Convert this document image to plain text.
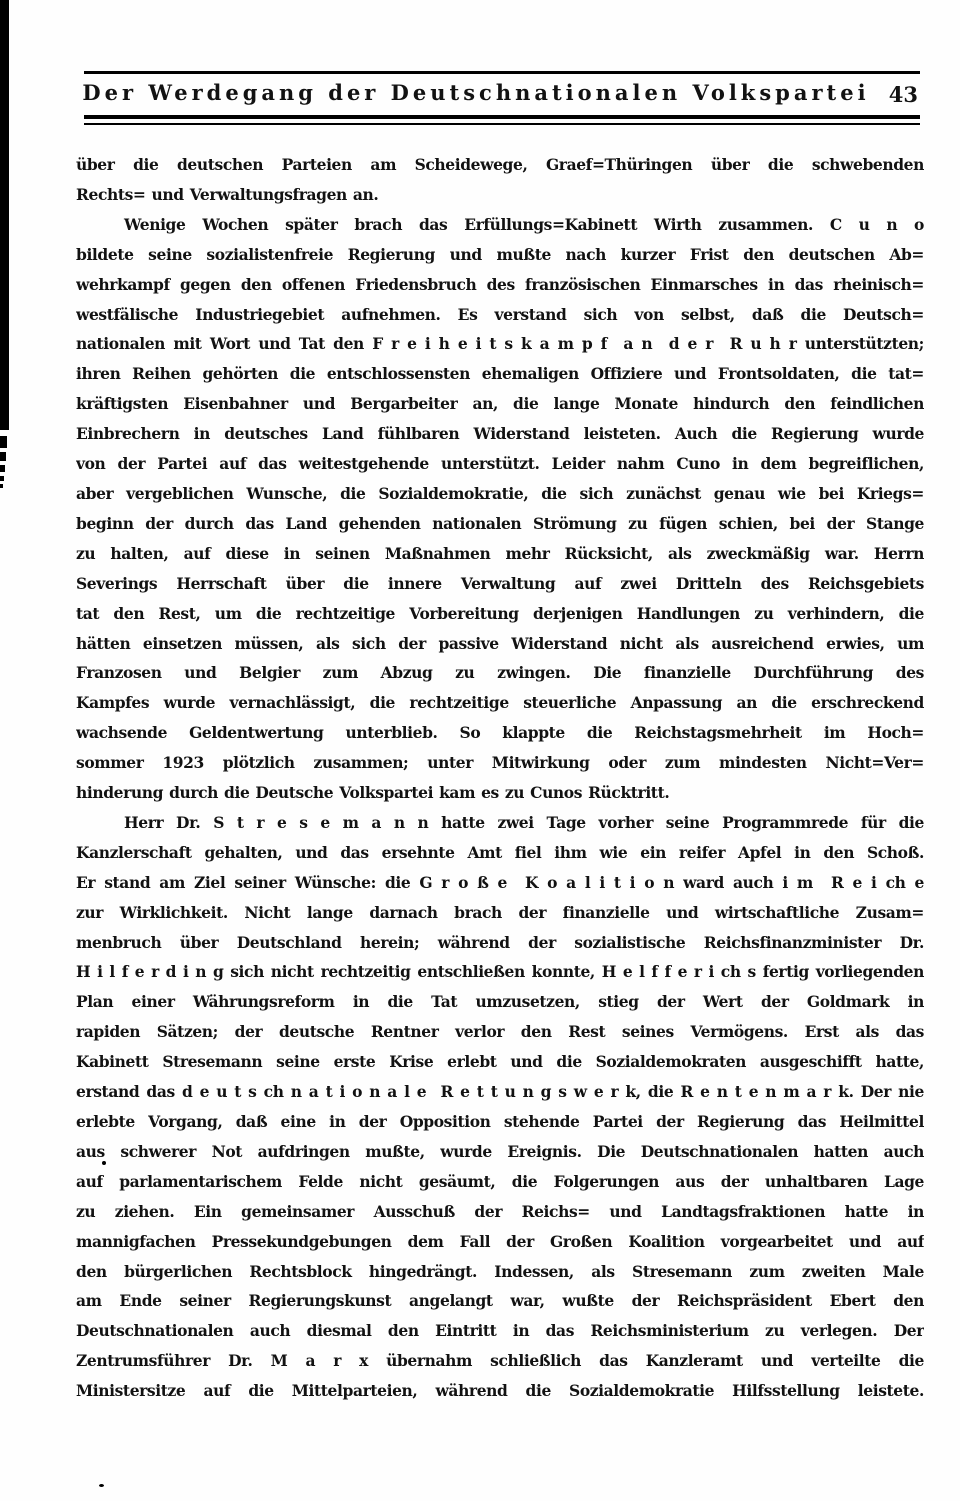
Der Werdegang der Deutschnationalen Volkspartei 43
über die deutschen Parteien am Scheidewege, Graef=Thüringen über die schwebenden
Rechts= und Verwaltungsfragen an.
Wenige Wochen später brach das Erfüllungs=Kabinett Wirth zusammen. C u n o
bildete seine sozialistenfreie Regierung und mußte nach kurzer Frist den deutschen Ab=
wehrkampf gegen den offenen Friedensbruch des französischen Einmarsches in das rheinisch=
westfälische Industriegebiet aufnehmen. Es verstand sich von selbst, daß die Deutsch=
nationalen mit Wort und Tat den F r e i h e i t s k a m p f  a n  d e r  R u h r unterstützten;
ihren Reihen gehörten die entschlossensten ehemaligen Offiziere und Frontsoldaten, die tat=
kräftigsten Eisenbahner und Bergarbeiter an, die lange Monate hindurch den feindlichen
Einbrechern in deutsches Land fühlbaren Widerstand leisteten. Auch die Regierung wurde
von der Partei auf das weitestgehende unterstützt. Leider nahm Cuno in dem begreiflichen,
aber vergeblichen Wunsche, die Sozialdemokratie, die sich zunächst genau wie bei Kriegs=
beginn der durch das Land gehenden nationalen Strömung zu fügen schien, bei der Stange
zu halten, auf diese in seinen Maßnahmen mehr Rücksicht, als zweckmäßig war. Herrn
Severings Herrschaft über die innere Verwaltung auf zwei Dritteln des Reichsgebiets
tat den Rest, um die rechtzeitige Vorbereitung derjenigen Handlungen zu verhindern, die
hätten einsetzen müssen, als sich der passive Widerstand nicht als ausreichend erwies, um
Franzosen und Belgier zum Abzug zu zwingen. Die finanzielle Durchführung des
Kampfes wurde vernachlässigt, die rechtzeitige steuerliche Anpassung an die erschreckend
wachsende Geldentwertung unterblieb. So klappte die Reichstagsmehrheit im Hoch=
sommer 1923 plötzlich zusammen; unter Mitwirkung oder zum mindesten Nicht=Ver=
hinderung durch die Deutsche Volkspartei kam es zu Cunos Rücktritt.
Herr Dr. S t r e s e m a n n hatte zwei Tage vorher seine Programmrede für die
Kanzlerschaft gehalten, und das ersehnte Amt fiel ihm wie ein reifer Apfel in den Schoß.
Er stand am Ziel seiner Wünsche: die G r o ß e  K o a l i t i o n ward auch i m  R e i ch e
zur Wirklichkeit. Nicht lange darnach brach der finanzielle und wirtschaftliche Zusam=
menbruch über Deutschland herein; während der sozialistische Reichsfinanzminister Dr.
H i l f e r d i n g sich nicht rechtzeitig entschließen konnte, H e l f f e r i ch s fertig vorliegenden
Plan einer Währungsreform in die Tat umzusetzen, stieg der Wert der Goldmark in
rapiden Sätzen; der deutsche Rentner verlor den Rest seines Vermögens. Erst als das
Kabinett Stresemann seine erste Krise erlebt und die Sozialdemokraten ausgeschifft hatte,
erstand das d e u t s ch n a t i o n a l e  R e t t u n g s w e r k, die R e n t e n m a r k. Der nie
erlebte Vorgang, daß eine in der Opposition stehende Partei der Regierung das Heilmittel
aus schwerer Not aufdringen mußte, wurde Ereignis. Die Deutschnationalen hatten auch
auf parlamentarischem Felde nicht gesäumt, die Folgerungen aus der unhaltbaren Lage
zu ziehen. Ein gemeinsamer Ausschuß der Reichs= und Landtagsfraktionen hatte in
mannigfachen Pressekundgebungen dem Fall der Großen Koalition vorgearbeitet und auf
den bürgerlichen Rechtsblock hingedrängt. Indessen, als Stresemann zum zweiten Male
am Ende seiner Regierungskunst angelangt war, wußte der Reichspräsident Ebert den
Deutschnationalen auch diesmal den Eintritt in das Reichsministerium zu verlegen. Der
Zentrumsführer Dr. M a r x übernahm schließlich das Kanzleramt und verteilte die
Ministersitze auf die Mittelparteien, während die Sozialdemokratie Hilfsstellung leistete.
